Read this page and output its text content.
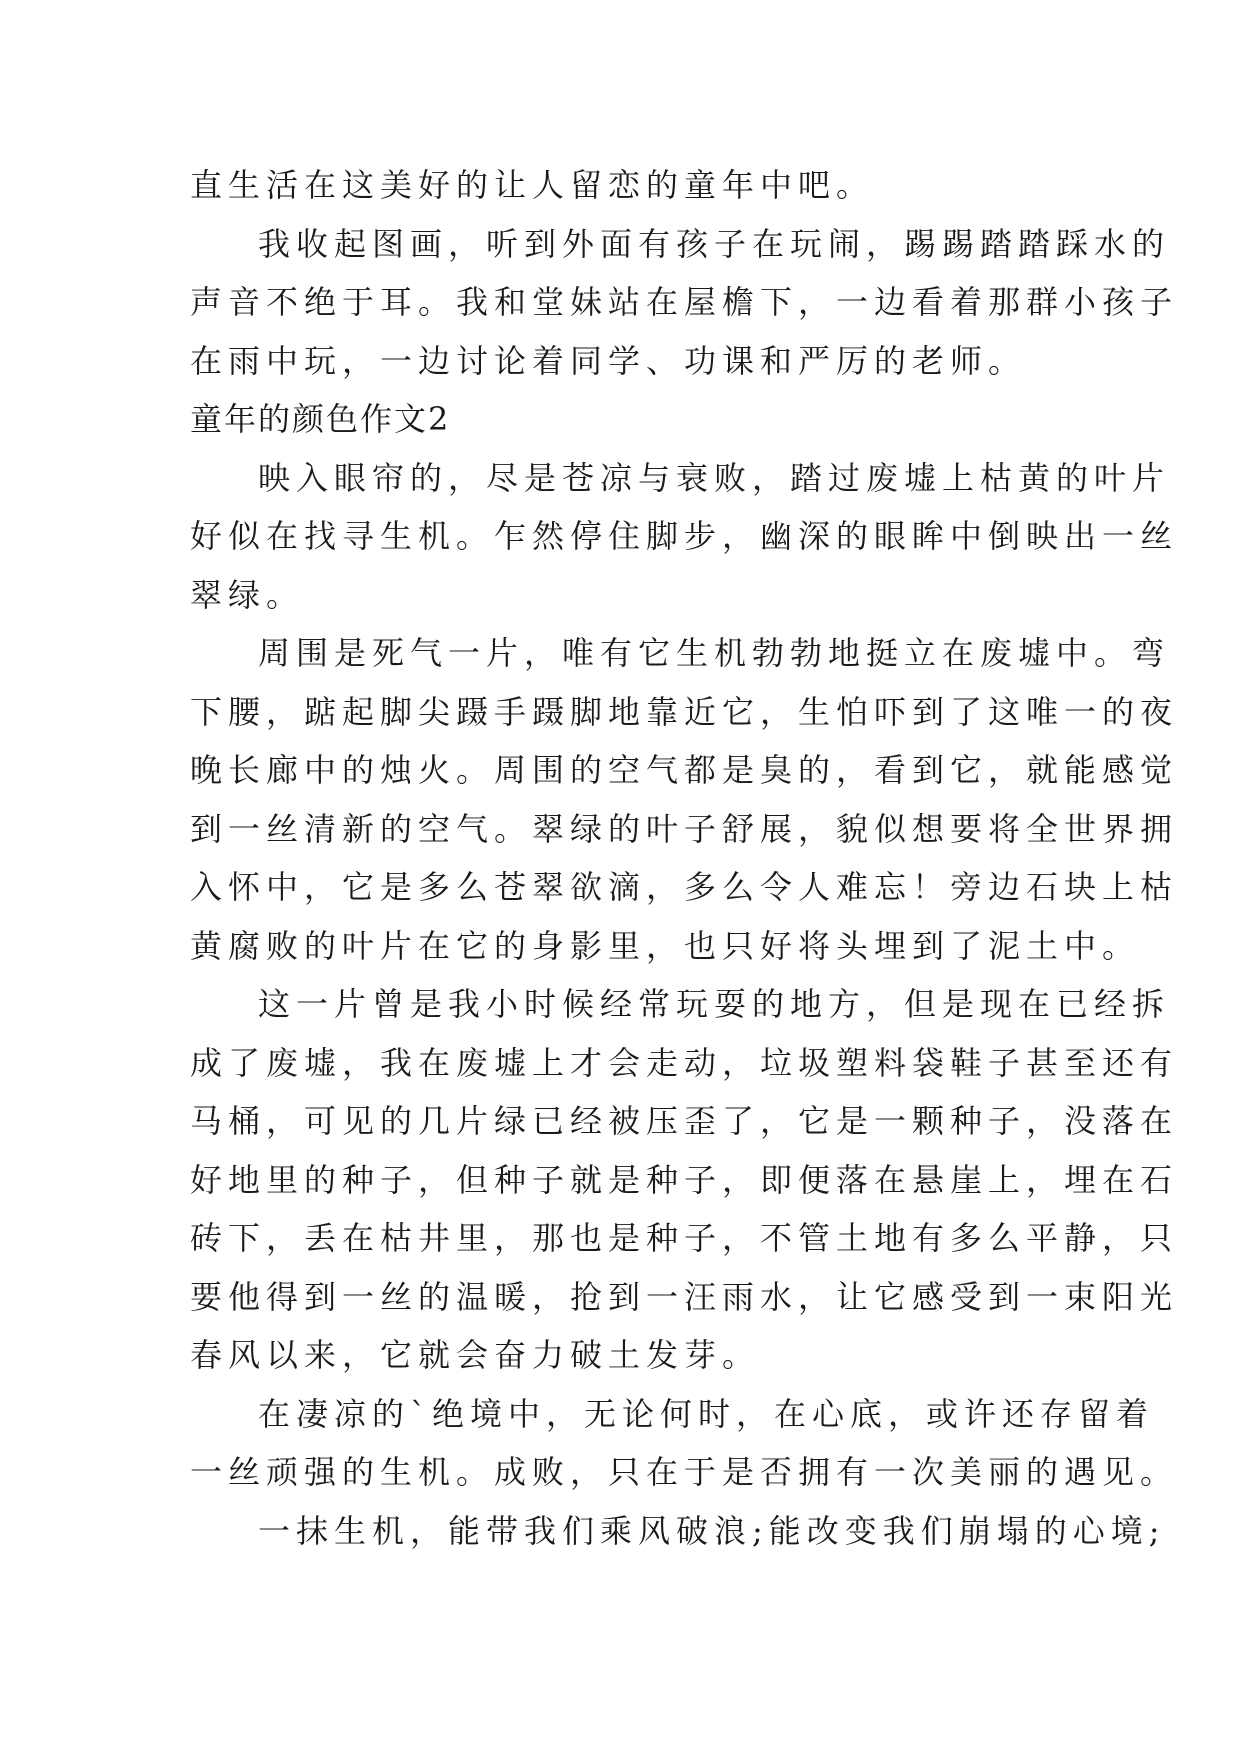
直生活在这美好的让人留恋的童年中吧。
我收起图画，听到外面有孩子在玩闹，踢踢踏踏踩水的
声音不绝于耳。我和堂妹站在屋檐下，一边看着那群小孩子
在雨中玩，一边讨论着同学、功课和严厉的老师。
童年的颜色作文2
映入眼帘的，尽是苍凉与衰败，踏过废墟上枯黄的叶片
好似在找寻生机。乍然停住脚步，幽深的眼眸中倒映出一丝
翠绿。
周围是死气一片，唯有它生机勃勃地挺立在废墟中。弯
下腰，踮起脚尖蹑手蹑脚地靠近它，生怕吓到了这唯一的夜
晚长廊中的烛火。周围的空气都是臭的，看到它，就能感觉
到一丝清新的空气。翠绿的叶子舒展，貌似想要将全世界拥
入怀中，它是多么苍翠欲滴，多么令人难忘！旁边石块上枯
黄腐败的叶片在它的身影里，也只好将头埋到了泥土中。
这一片曾是我小时候经常玩耍的地方，但是现在已经拆
成了废墟，我在废墟上才会走动，垃圾塑料袋鞋子甚至还有
马桶，可见的几片绿已经被压歪了，它是一颗种子，没落在
好地里的种子，但种子就是种子，即便落在悬崖上，埋在石
砖下，丢在枯井里，那也是种子，不管土地有多么平静，只
要他得到一丝的温暖，抢到一汪雨水，让它感受到一束阳光
春风以来，它就会奋力破土发芽。
在凄凉的`绝境中，无论何时，在心底，或许还存留着
一丝顽强的生机。成败，只在于是否拥有一次美丽的遇见。
一抹生机，能带我们乘风破浪;能改变我们崩塌的心境;
